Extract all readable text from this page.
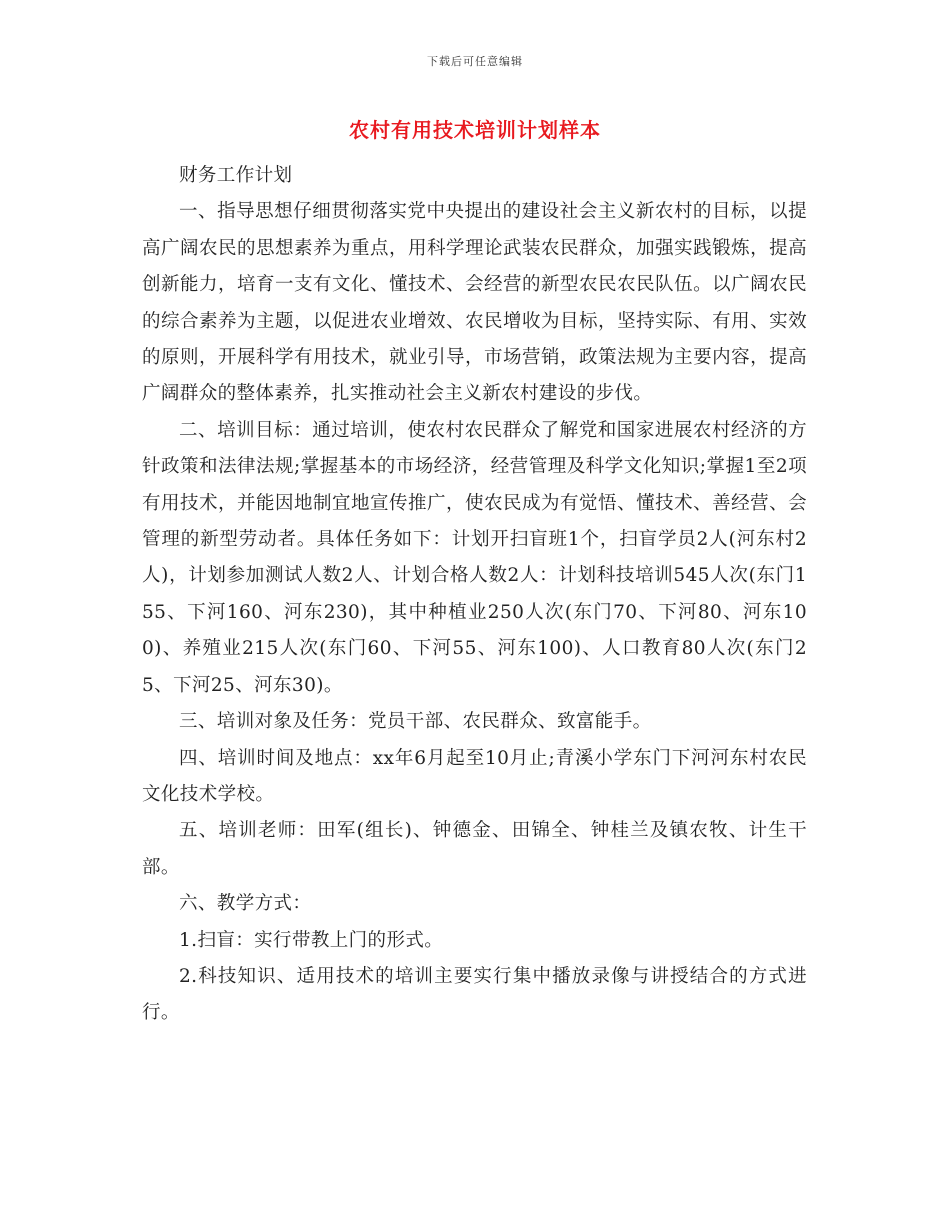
下载后可任意编辑
农村有用技术培训计划样本

财务工作计划

一、指导思想仔细贯彻落实党中央提出的建设社会主义新农村的目标，以提高广阔农民的思想素养为重点，用科学理论武装农民群众，加强实践锻炼，提高创新能力，培育一支有文化、懂技术、会经营的新型农民农民队伍。以广阔农民的综合素养为主题，以促进农业增效、农民增收为目标，坚持实际、有用、实效的原则，开展科学有用技术，就业引导，市场营销，政策法规为主要内容，提高广阔群众的整体素养，扎实推动社会主义新农村建设的步伐。

二、培训目标：通过培训，使农村农民群众了解党和国家进展农村经济的方针政策和法律法规;掌握基本的市场经济，经营管理及科学文化知识;掌握1至2项有用技术，并能因地制宜地宣传推广，使农民成为有觉悟、懂技术、善经营、会管理的新型劳动者。具体任务如下：计划开扫盲班1个，扫盲学员2人(河东村2人)，计划参加测试人数2人、计划合格人数2人：计划科技培训545人次(东门155、下河160、河东230)，其中种植业250人次(东门70、下河80、河东100)、养殖业215人次(东门60、下河55、河东100)、人口教育80人次(东门25、下河25、河东30)。

三、培训对象及任务：党员干部、农民群众、致富能手。

四、培训时间及地点：xx年6月起至10月止;青溪小学东门下河河东村农民文化技术学校。

五、培训老师：田军(组长)、钟德金、田锦全、钟桂兰及镇农牧、计生干部。

六、教学方式：

1.扫盲：实行带教上门的形式。

2.科技知识、适用技术的培训主要实行集中播放录像与讲授结合的方式进行。
